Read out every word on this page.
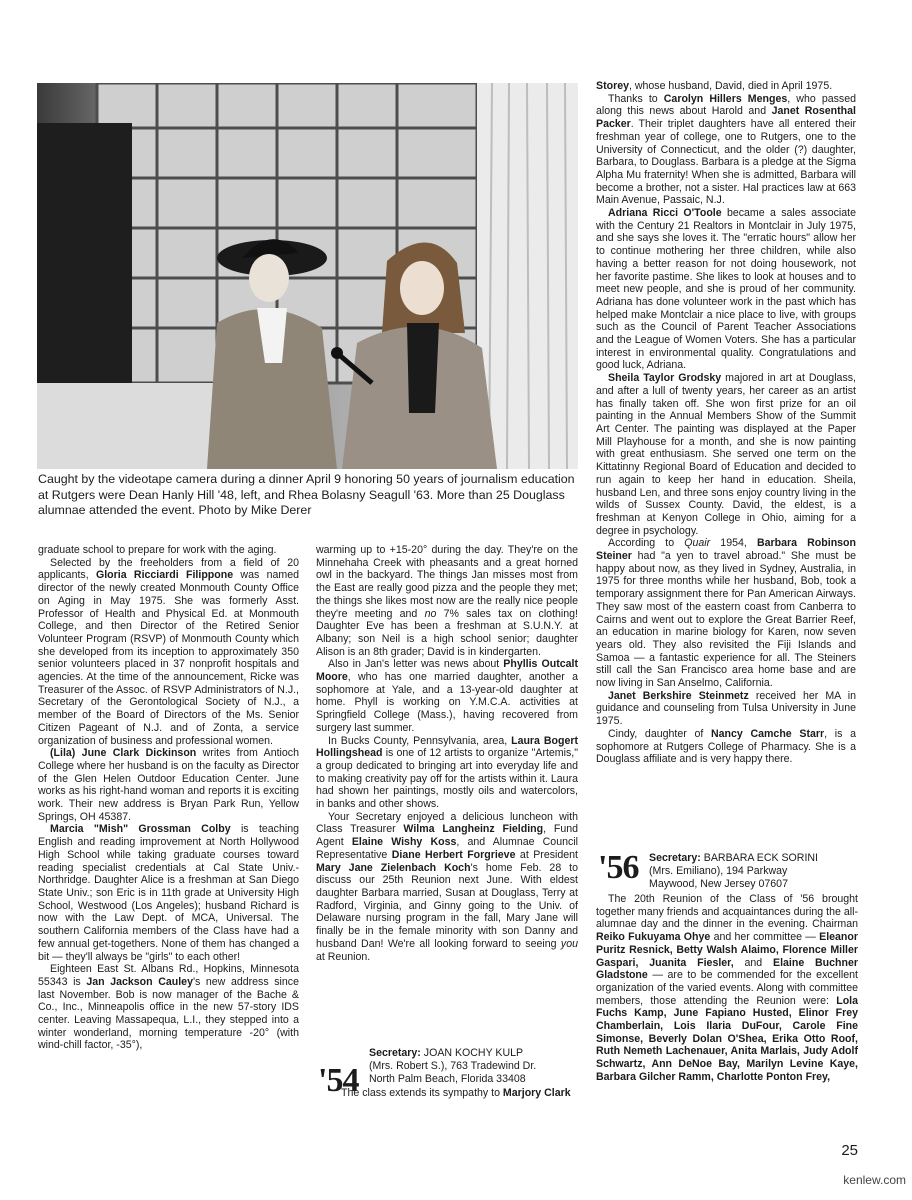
Caught by the videotape camera during a dinner April 9 honoring 50 years of journalism education at Rutgers were Dean Hanly Hill '48, left, and Rhea Bolasny Seagull '63. More than 25 Douglass alumnae attended the event. Photo by Mike Derer

graduate school to prepare for work with the aging.

Selected by the freeholders from a field of 20 applicants, Gloria Ricciardi Filippone was named director of the newly created Monmouth County Office on Aging in May 1975. She was formerly Asst. Professor of Health and Physical Ed. at Monmouth College, and then Director of the Retired Senior Volunteer Program (RSVP) of Monmouth County which she developed from its inception to approximately 350 senior volunteers placed in 37 nonprofit hospitals and agencies. At the time of the announcement, Ricke was Treasurer of the Assoc. of RSVP Administrators of N.J., Secretary of the Gerontological Society of N.J., a member of the Board of Directors of the Ms. Senior Citizen Pageant of N.J. and of Zonta, a service organization of business and professional women.

(Lila) June Clark Dickinson writes from Antioch College where her husband is on the faculty as Director of the Glen Helen Outdoor Education Center. June works as his right-hand woman and reports it is exciting work. Their new address is Bryan Park Run, Yellow Springs, OH 45387.

Marcia "Mish" Grossman Colby is teaching English and reading improvement at North Hollywood High School while taking graduate courses toward reading specialist credentials at Cal State Univ.-Northridge. Daughter Alice is a freshman at San Diego State Univ.; son Eric is in 11th grade at University High School, Westwood (Los Angeles); husband Richard is now with the Law Dept. of MCA, Universal. The southern California members of the Class have had a few annual get-togethers. None of them has changed a bit — they'll always be "girls" to each other!

Eighteen East St. Albans Rd., Hopkins, Minnesota 55343 is Jan Jackson Cauley's new address since last November. Bob is now manager of the Bache & Co., Inc., Minneapolis office in the new 57-story IDS center. Leaving Massapequa, L.I., they stepped into a winter wonderland, morning temperature -20° (with wind-chill factor, -35°),

warming up to +15-20° during the day. They're on the Minnehaha Creek with pheasants and a great horned owl in the backyard. The things Jan misses most from the East are really good pizza and the people they met; the things she likes most now are the really nice people they're meeting and no 7% sales tax on clothing! Daughter Eve has been a freshman at S.U.N.Y. at Albany; son Neil is a high school senior; daughter Alison is an 8th grader; David is in kindergarten.

Also in Jan's letter was news about Phyllis Outcalt Moore, who has one married daughter, another a sophomore at Yale, and a 13-year-old daughter at home. Phyll is working on Y.M.C.A. activities at Springfield College (Mass.), having recovered from surgery last summer.

In Bucks County, Pennsylvania, area, Laura Bogert Hollingshead is one of 12 artists to organize "Artemis," a group dedicated to bringing art into everyday life and to making creativity pay off for the artists within it. Laura had shown her paintings, mostly oils and watercolors, in banks and other shows.

Your Secretary enjoyed a delicious luncheon with Class Treasurer Wilma Langheinz Fielding, Fund Agent Elaine Wishy Koss, and Alumnae Council Representative Diane Herbert Forgrieve at President Mary Jane Zielenbach Koch's home Feb. 28 to discuss our 25th Reunion next June. With eldest daughter Barbara married, Susan at Douglass, Terry at Radford, Virginia, and Ginny going to the Univ. of Delaware nursing program in the fall, Mary Jane will finally be in the female minority with son Danny and husband Dan! We're all looking forward to seeing you at Reunion.

'54
Secretary: JOAN KOCHY KULP
(Mrs. Robert S.), 763 Tradewind Dr.
North Palm Beach, Florida 33408

The class extends its sympathy to Marjory Clark

Storey, whose husband, David, died in April 1975.

Thanks to Carolyn Hillers Menges, who passed along this news about Harold and Janet Rosenthal Packer. Their triplet daughters have all entered their freshman year of college, one to Rutgers, one to the University of Connecticut, and the older (?) daughter, Barbara, to Douglass. Barbara is a pledge at the Sigma Alpha Mu fraternity! When she is admitted, Barbara will become a brother, not a sister. Hal practices law at 663 Main Avenue, Passaic, N.J.

Adriana Ricci O'Toole became a sales associate with the Century 21 Realtors in Montclair in July 1975, and she says she loves it. The "erratic hours" allow her to continue mothering her three children, while also having a better reason for not doing housework, not her favorite pastime. She likes to look at houses and to meet new people, and she is proud of her community. Adriana has done volunteer work in the past which has helped make Montclair a nice place to live, with groups such as the Council of Parent Teacher Associations and the League of Women Voters. She has a particular interest in environmental quality. Congratulations and good luck, Adriana.

Sheila Taylor Grodsky majored in art at Douglass, and after a lull of twenty years, her career as an artist has finally taken off. She won first prize for an oil painting in the Annual Members Show of the Summit Art Center. The painting was displayed at the Paper Mill Playhouse for a month, and she is now painting with great enthusiasm. She served one term on the Kittatinny Regional Board of Education and decided to run again to keep her hand in education. Sheila, husband Len, and three sons enjoy country living in the wilds of Sussex County. David, the eldest, is a freshman at Kenyon College in Ohio, aiming for a degree in psychology.

According to Quair 1954, Barbara Robinson Steiner had "a yen to travel abroad." She must be happy about now, as they lived in Sydney, Australia, in 1975 for three months while her husband, Bob, took a temporary assignment there for Pan American Airways. They saw most of the eastern coast from Canberra to Cairns and went out to explore the Great Barrier Reef, an education in marine biology for Karen, now seven years old. They also revisited the Fiji Islands and Samoa — a fantastic experience for all. The Steiners still call the San Francisco area home base and are now living in San Anselmo, California.

Janet Berkshire Steinmetz received her MA in guidance and counseling from Tulsa University in June 1975.

Cindy, daughter of Nancy Camche Starr, is a sophomore at Rutgers College of Pharmacy. She is a Douglass affiliate and is very happy there.

'56 Secretary: BARBARA ECK SORINI
(Mrs. Emiliano), 194 Parkway
Maywood, New Jersey 07607

The 20th Reunion of the Class of '56 brought together many friends and acquaintances during the all-alumnae day and the dinner in the evening. Chairman Reiko Fukuyama Ohye and her committee — Eleanor Puritz Resnick, Betty Walsh Alaimo, Florence Miller Gaspari, Juanita Fiesler, and Elaine Buchner Gladstone — are to be commended for the excellent organization of the varied events. Along with committee members, those attending the Reunion were: Lola Fuchs Kamp, June Fapiano Husted, Elinor Frey Chamberlain, Lois Ilaria DuFour, Carole Fine Simonse, Beverly Dolan O'Shea, Erika Otto Roof, Ruth Nemeth Lachenauer, Anita Marlais, Judy Adolf Schwartz, Ann DeNoe Bay, Marilyn Levine Kaye, Barbara Gilcher Ramm, Charlotte Ponton Frey,

25
kenlew.com
